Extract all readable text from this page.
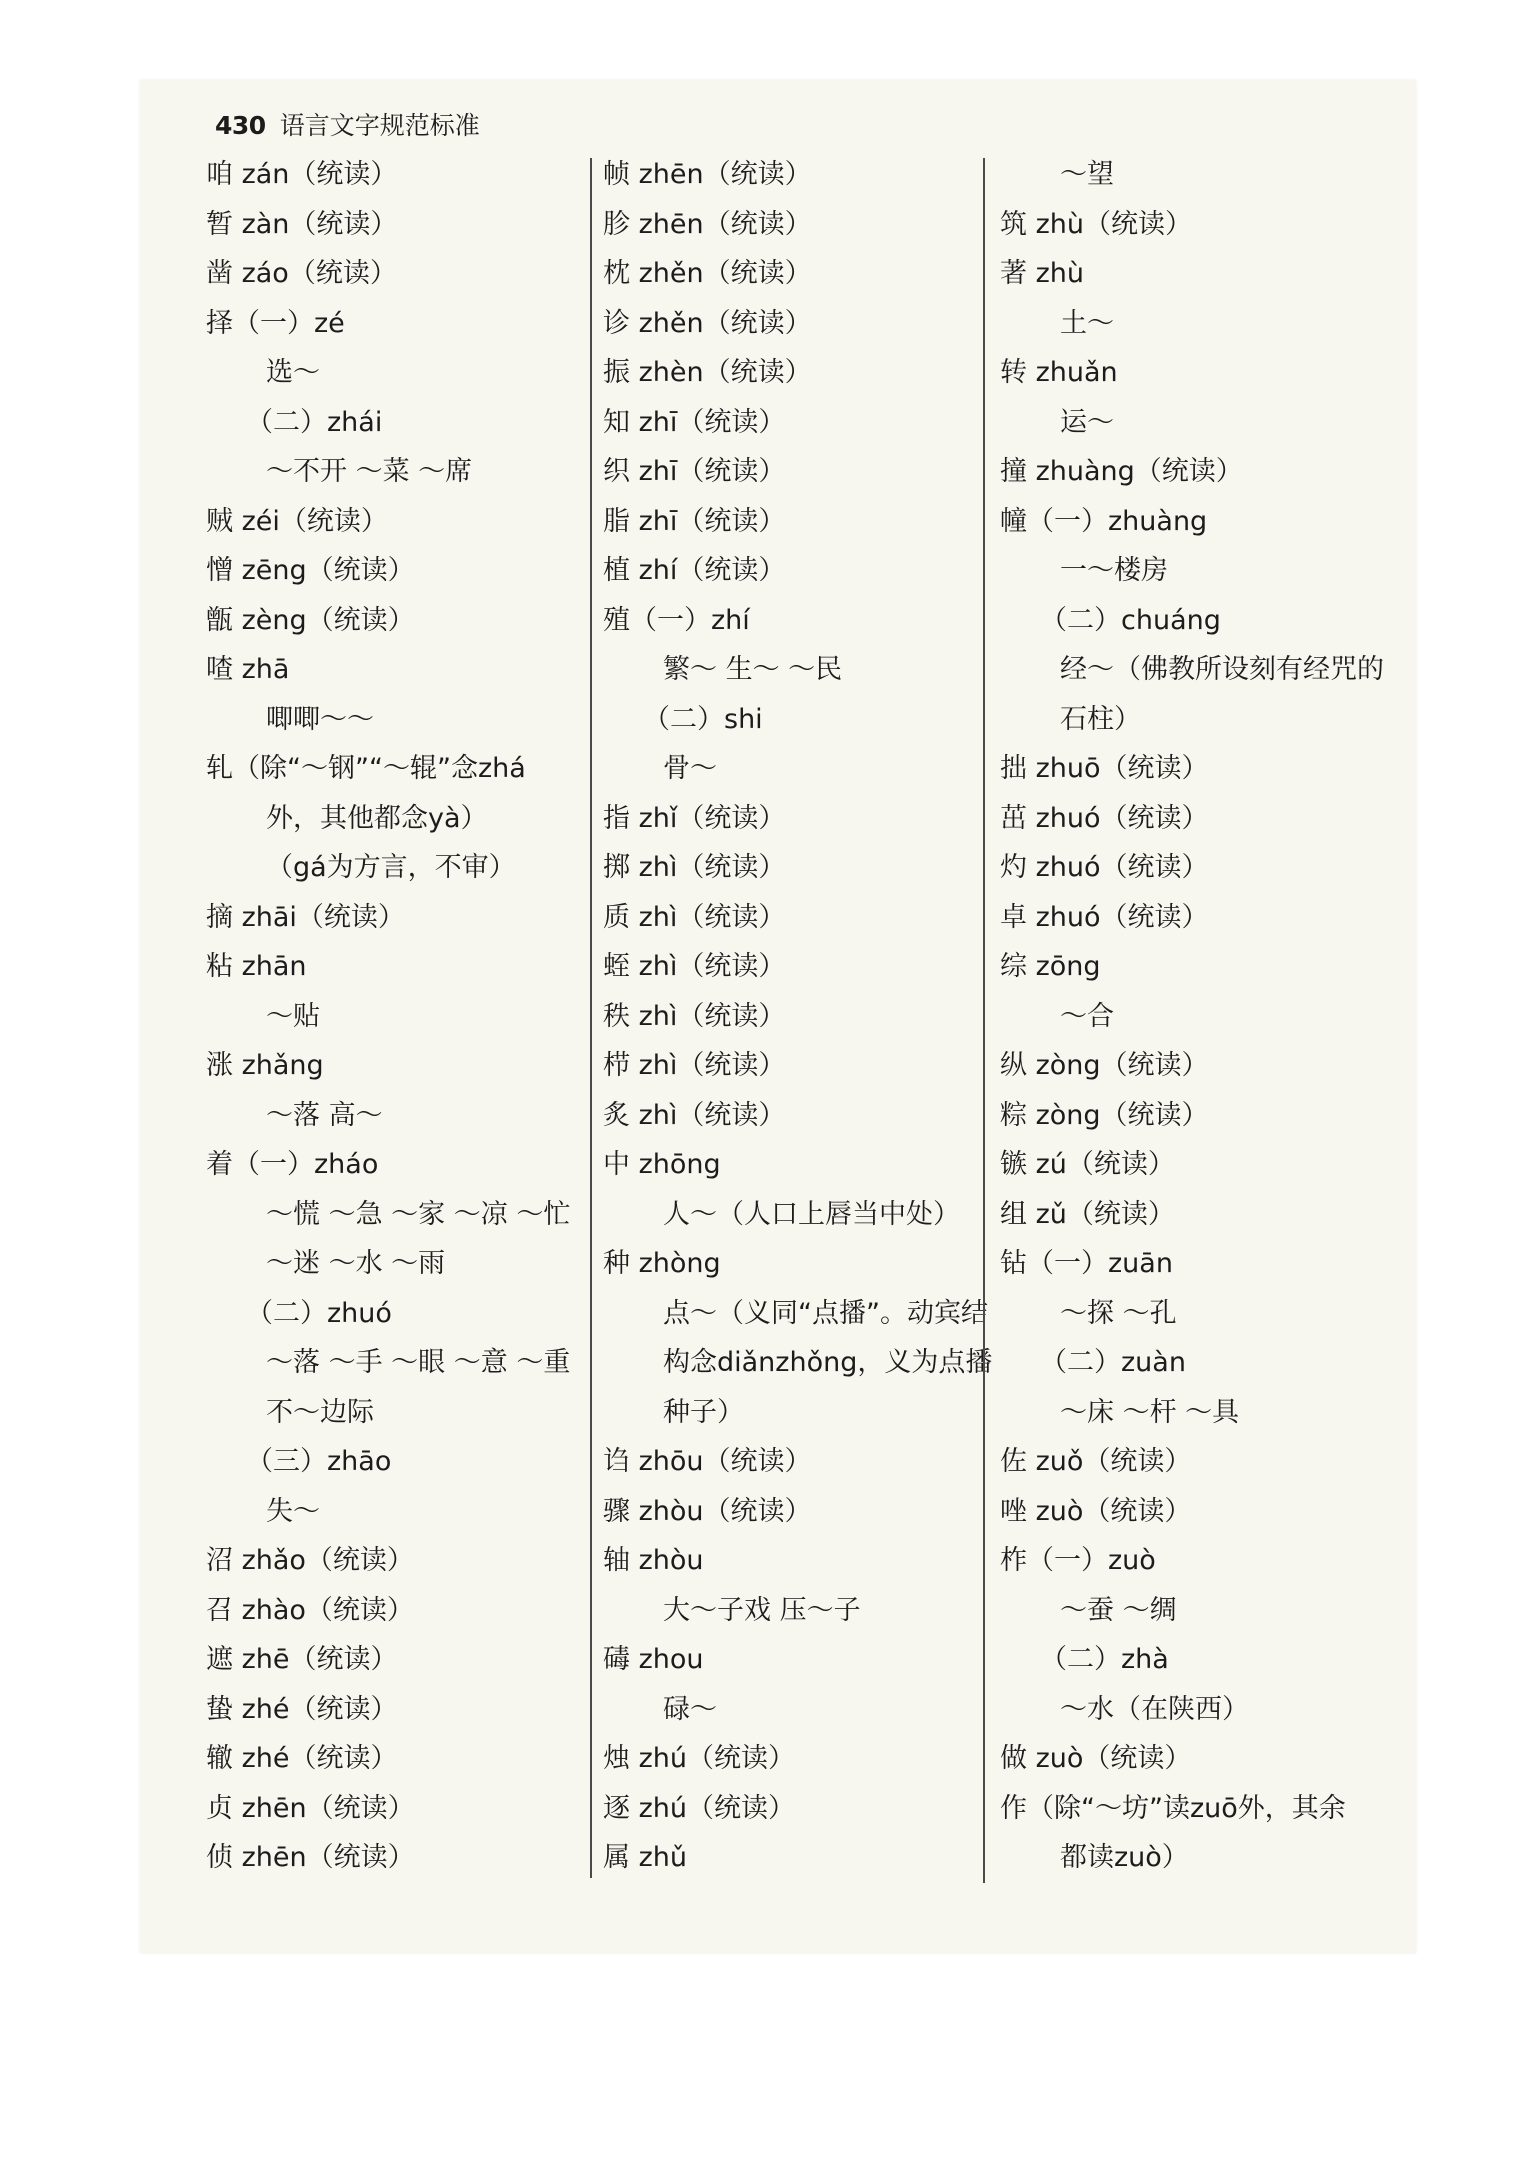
430 语言文字规范标准
咱 zán（统读）
暂 zàn（统读）
凿 záo（统读）
择（一）zé
选～
（二）zhái
～不开 ～菜 ～席
贼 zéi（统读）
憎 zēng（统读）
甑 zèng（统读）
喳 zhā
唧唧～～
轧（除“～钢”“～辊”念zhá
外，其他都念yà）
（gá为方言，不审）
摘 zhāi（统读）
粘 zhān
～贴
涨 zhǎng
～落 高～
着（一）zháo
～慌 ～急 ～家 ～凉 ～忙
～迷 ～水 ～雨
（二）zhuó
～落 ～手 ～眼 ～意 ～重
不～边际
（三）zhāo
失～
沼 zhǎo（统读）
召 zhào（统读）
遮 zhē（统读）
蛰 zhé（统读）
辙 zhé（统读）
贞 zhēn（统读）
侦 zhēn（统读）
帧 zhēn（统读）
胗 zhēn（统读）
枕 zhěn（统读）
诊 zhěn（统读）
振 zhèn（统读）
知 zhī（统读）
织 zhī（统读）
脂 zhī（统读）
植 zhí（统读）
殖（一）zhí
繁～ 生～ ～民
（二）shi
骨～
指 zhǐ（统读）
掷 zhì（统读）
质 zhì（统读）
蛭 zhì（统读）
秩 zhì（统读）
栉 zhì（统读）
炙 zhì（统读）
中 zhōng
人～（人口上唇当中处）
种 zhòng
点～（义同“点播”。动宾结
构念diǎnzhǒng，义为点播
种子）
诌 zhōu（统读）
骤 zhòu（统读）
轴 zhòu
大～子戏 压～子
碡 zhou
碌～
烛 zhú（统读）
逐 zhú（统读）
属 zhǔ
～望
筑 zhù（统读）
著 zhù
土～
转 zhuǎn
运～
撞 zhuàng（统读）
幢（一）zhuàng
一～楼房
（二）chuáng
经～（佛教所设刻有经咒的
石柱）
拙 zhuō（统读）
茁 zhuó（统读）
灼 zhuó（统读）
卓 zhuó（统读）
综 zōng
～合
纵 zòng（统读）
粽 zòng（统读）
镞 zú（统读）
组 zǔ（统读）
钻（一）zuān
～探 ～孔
（二）zuàn
～床 ～杆 ～具
佐 zuǒ（统读）
唑 zuò（统读）
柞（一）zuò
～蚕 ～绸
（二）zhà
～水（在陕西）
做 zuò（统读）
作（除“～坊”读zuō外，其余
都读zuò）
